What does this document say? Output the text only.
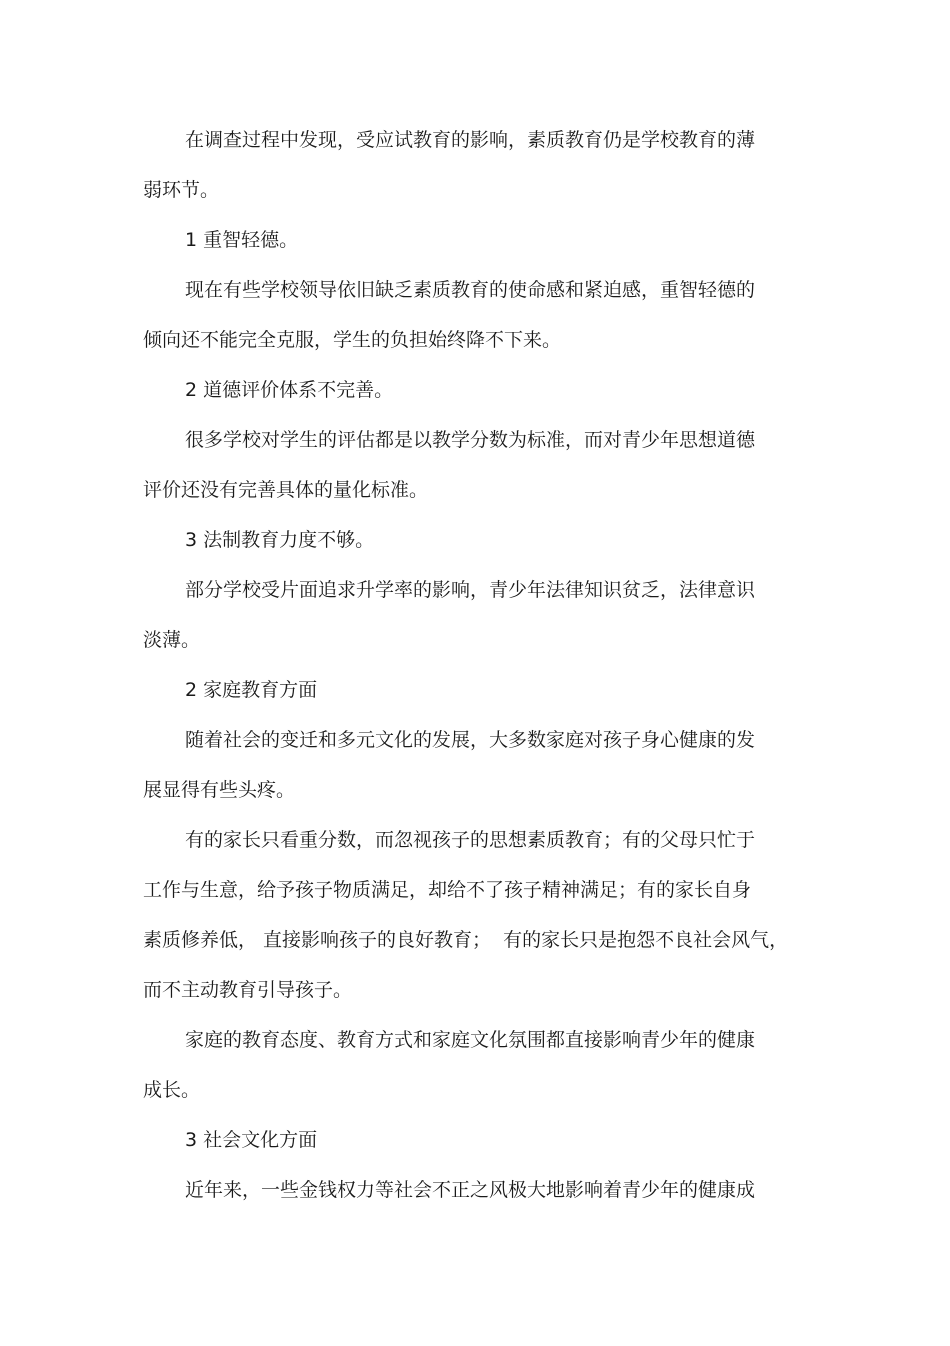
在调查过程中发现，受应试教育的影响，素质教育仍是学校教育的薄
弱环节。
1 重智轻德。
现在有些学校领导依旧缺乏素质教育的使命感和紧迫感，重智轻德的
倾向还不能完全克服，学生的负担始终降不下来。
2 道德评价体系不完善。
很多学校对学生的评估都是以教学分数为标准，而对青少年思想道德
评价还没有完善具体的量化标准。
3 法制教育力度不够。
部分学校受片面追求升学率的影响，青少年法律知识贫乏，法律意识
淡薄。
2 家庭教育方面
随着社会的变迁和多元文化的发展，大多数家庭对孩子身心健康的发
展显得有些头疼。
有的家长只看重分数，而忽视孩子的思想素质教育；有的父母只忙于
工作与生意，给予孩子物质满足，却给不了孩子精神满足；有的家长自身
素质修养低， 直接影响孩子的良好教育；  有的家长只是抱怨不良社会风气，
而不主动教育引导孩子。
家庭的教育态度、教育方式和家庭文化氛围都直接影响青少年的健康
成长。
3 社会文化方面
近年来，一些金钱权力等社会不正之风极大地影响着青少年的健康成
